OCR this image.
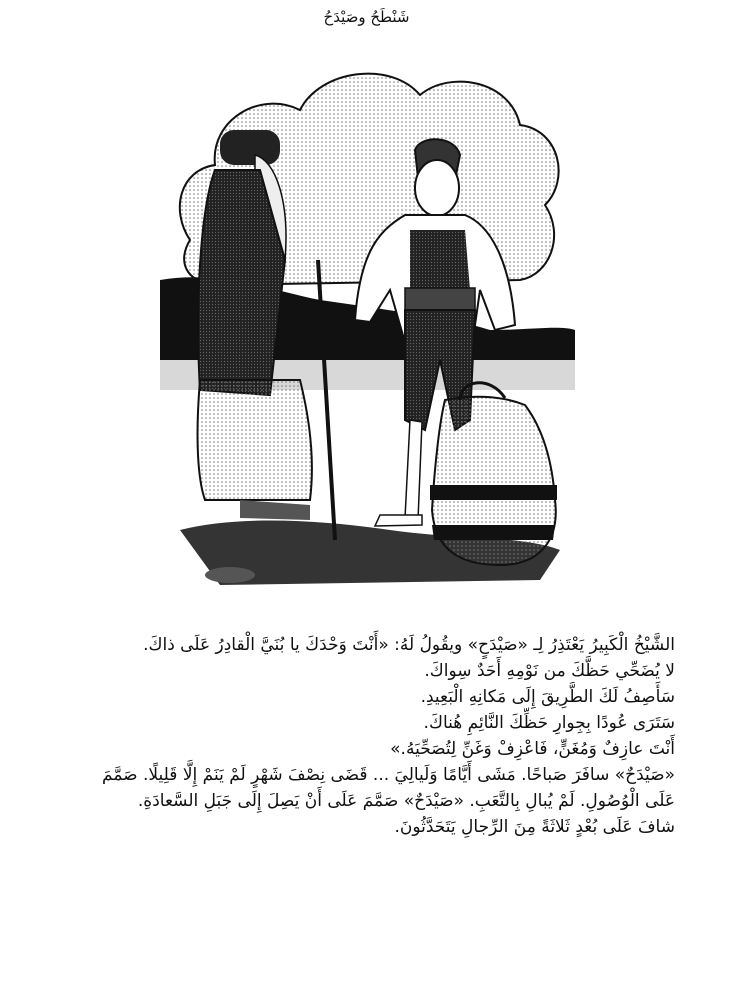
شَنْطَحُ وصَيْدَحُ
الشَّيْخُ الْكَبِيرُ يَعْتَذِرُ لِـ «صَيْدَحٍ» ويقُولُ لَهُ: «أَنْتَ وَحْدَكَ يا بُنَيَّ الْقادِرُ عَلَى ذاكَ.
لا يُضَحِّي حَظَّكَ من نَوْمِهِ أَحَدٌ سِواكَ.
سَأَصِفُ لَكَ الطَّرِيقَ إِلَى مَكانِهِ الْبَعِيدِ.
سَتَرَى عُودًا بِجِوارِ حَظِّكَ النَّائِمِ هُناكَ.
أَنْتَ عازِفٌ وَمُغَنٍّ، فَاعْزِفْ وَغَنِّ لِتُصَحِّيَهُ.»
«صَيْدَحٌ» سافَرَ صَباحًا. مَشَى أَيَّامًا وَلَيالِيَ ... قَضَى نِصْفَ شَهْرٍ لَمْ يَنَمْ إِلَّا قَلِيلًا. صَمَّمَ
عَلَى الْوُصُولِ. لَمْ يُبالِ بِالتَّعَبِ. «صَيْدَحٌ» صَمَّمَ عَلَى أَنْ يَصِلَ إِلَى جَبَلِ السَّعادَةِ.
شافَ عَلَى بُعْدٍ ثَلاثَةً مِنَ الرِّجالِ يَتَحَدَّثُونَ.
